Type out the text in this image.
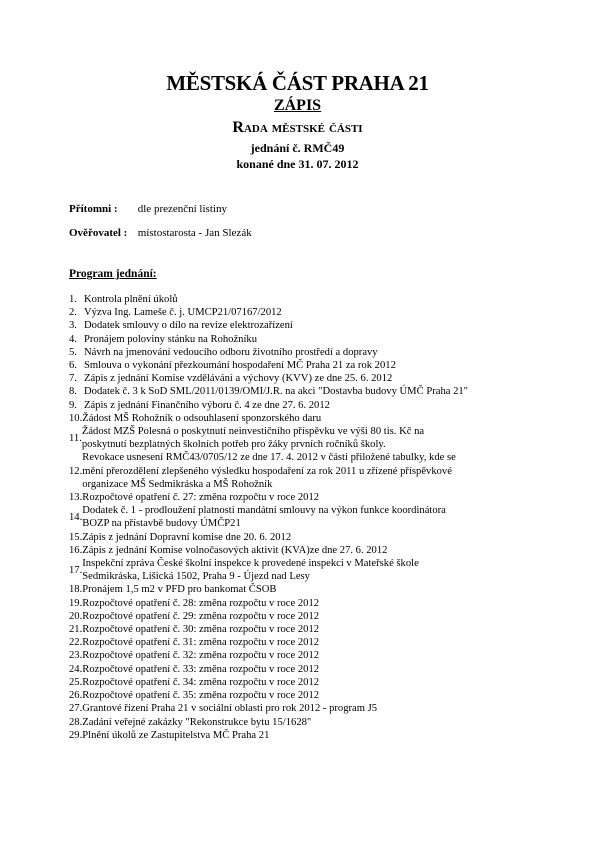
MĚSTSKÁ ČÁST PRAHA 21
ZÁPIS
Rada městské části
jednání č. RMČ49
konané dne 31. 07. 2012
Přítomni : dle prezenční listiny
Ověřovatel : místostarosta - Jan Slezák
Program jednání:
1. Kontrola plnění úkolů
2. Výzva Ing. Lameše č. j. UMCP21/07167/2012
3. Dodatek smlouvy o dílo na revize elektrozařízení
4. Pronájem poloviny stánku na Rohožníku
5. Návrh na jmenování vedoucího odboru životního prostředí a dopravy
6. Smlouva o vykonání přezkoumání hospodaření MČ Praha 21 za rok 2012
7. Zápis z jednání Komise vzdělávání a výchovy (KVV) ze dne 25. 6. 2012
8. Dodatek č. 3 k SoD SML/2011/0139/OMI/J.R. na akci "Dostavba budovy ÚMČ Praha 21"
9. Zápis z jednání Finančního výboru č. 4 ze dne 27. 6. 2012
10. Žádost MŠ Rohožník o odsouhlasení sponzorského daru
11.
Žádost MZŠ Polesná o poskytnutí neinvestičního příspěvku ve výši 80 tis. Kč na
poskytnutí bezplatných školních potřeb pro žáky prvních ročníků školy.
12.
Revokace usnesení RMČ43/0705/12 ze dne 17. 4. 2012 v části přiložené tabulky, kde se
mění přerozdělení zlepšeného výsledku hospodaření za rok 2011 u zřízené příspěvkové
organizace MŠ Sedmikráska a MŠ Rohožník
13. Rozpočtové opatření č. 27: změna rozpočtu v roce 2012
14.
Dodatek č. 1 - prodloužení platnosti mandátní smlouvy na výkon funkce koordinátora
BOZP na přístavbě budovy ÚMČP21
15. Zápis z jednání Dopravní komise dne 20. 6. 2012
16. Zápis z jednání Komise volnočasových aktivit (KVA)ze dne 27. 6. 2012
17.
Inspekční zpráva České školní inspekce k provedené inspekci v Mateřské škole
Sedmikráska, Lišická 1502, Praha 9 - Újezd nad Lesy
18. Pronájem 1,5 m2 v PFD pro bankomat ČSOB
19. Rozpočtové opatření č. 28: změna rozpočtu v roce 2012
20. Rozpočtové opatření č. 29: změna rozpočtu v roce 2012
21. Rozpočtové opatření č. 30: změna rozpočtu v roce 2012
22. Rozpočtové opatření č. 31: změna rozpočtu v roce 2012
23. Rozpočtové opatření č. 32: změna rozpočtu v roce 2012
24. Rozpočtové opatření č. 33: změna rozpočtu v roce 2012
25. Rozpočtové opatření č. 34: změna rozpočtu v roce 2012
26. Rozpočtové opatření č. 35: změna rozpočtu v roce 2012
27. Grantové řízení Praha 21 v sociální oblasti pro rok 2012 - program J5
28. Zadání veřejné zakázky "Rekonstrukce bytu 15/1628"
29. Plnění úkolů ze Zastupitelstva MČ Praha 21
